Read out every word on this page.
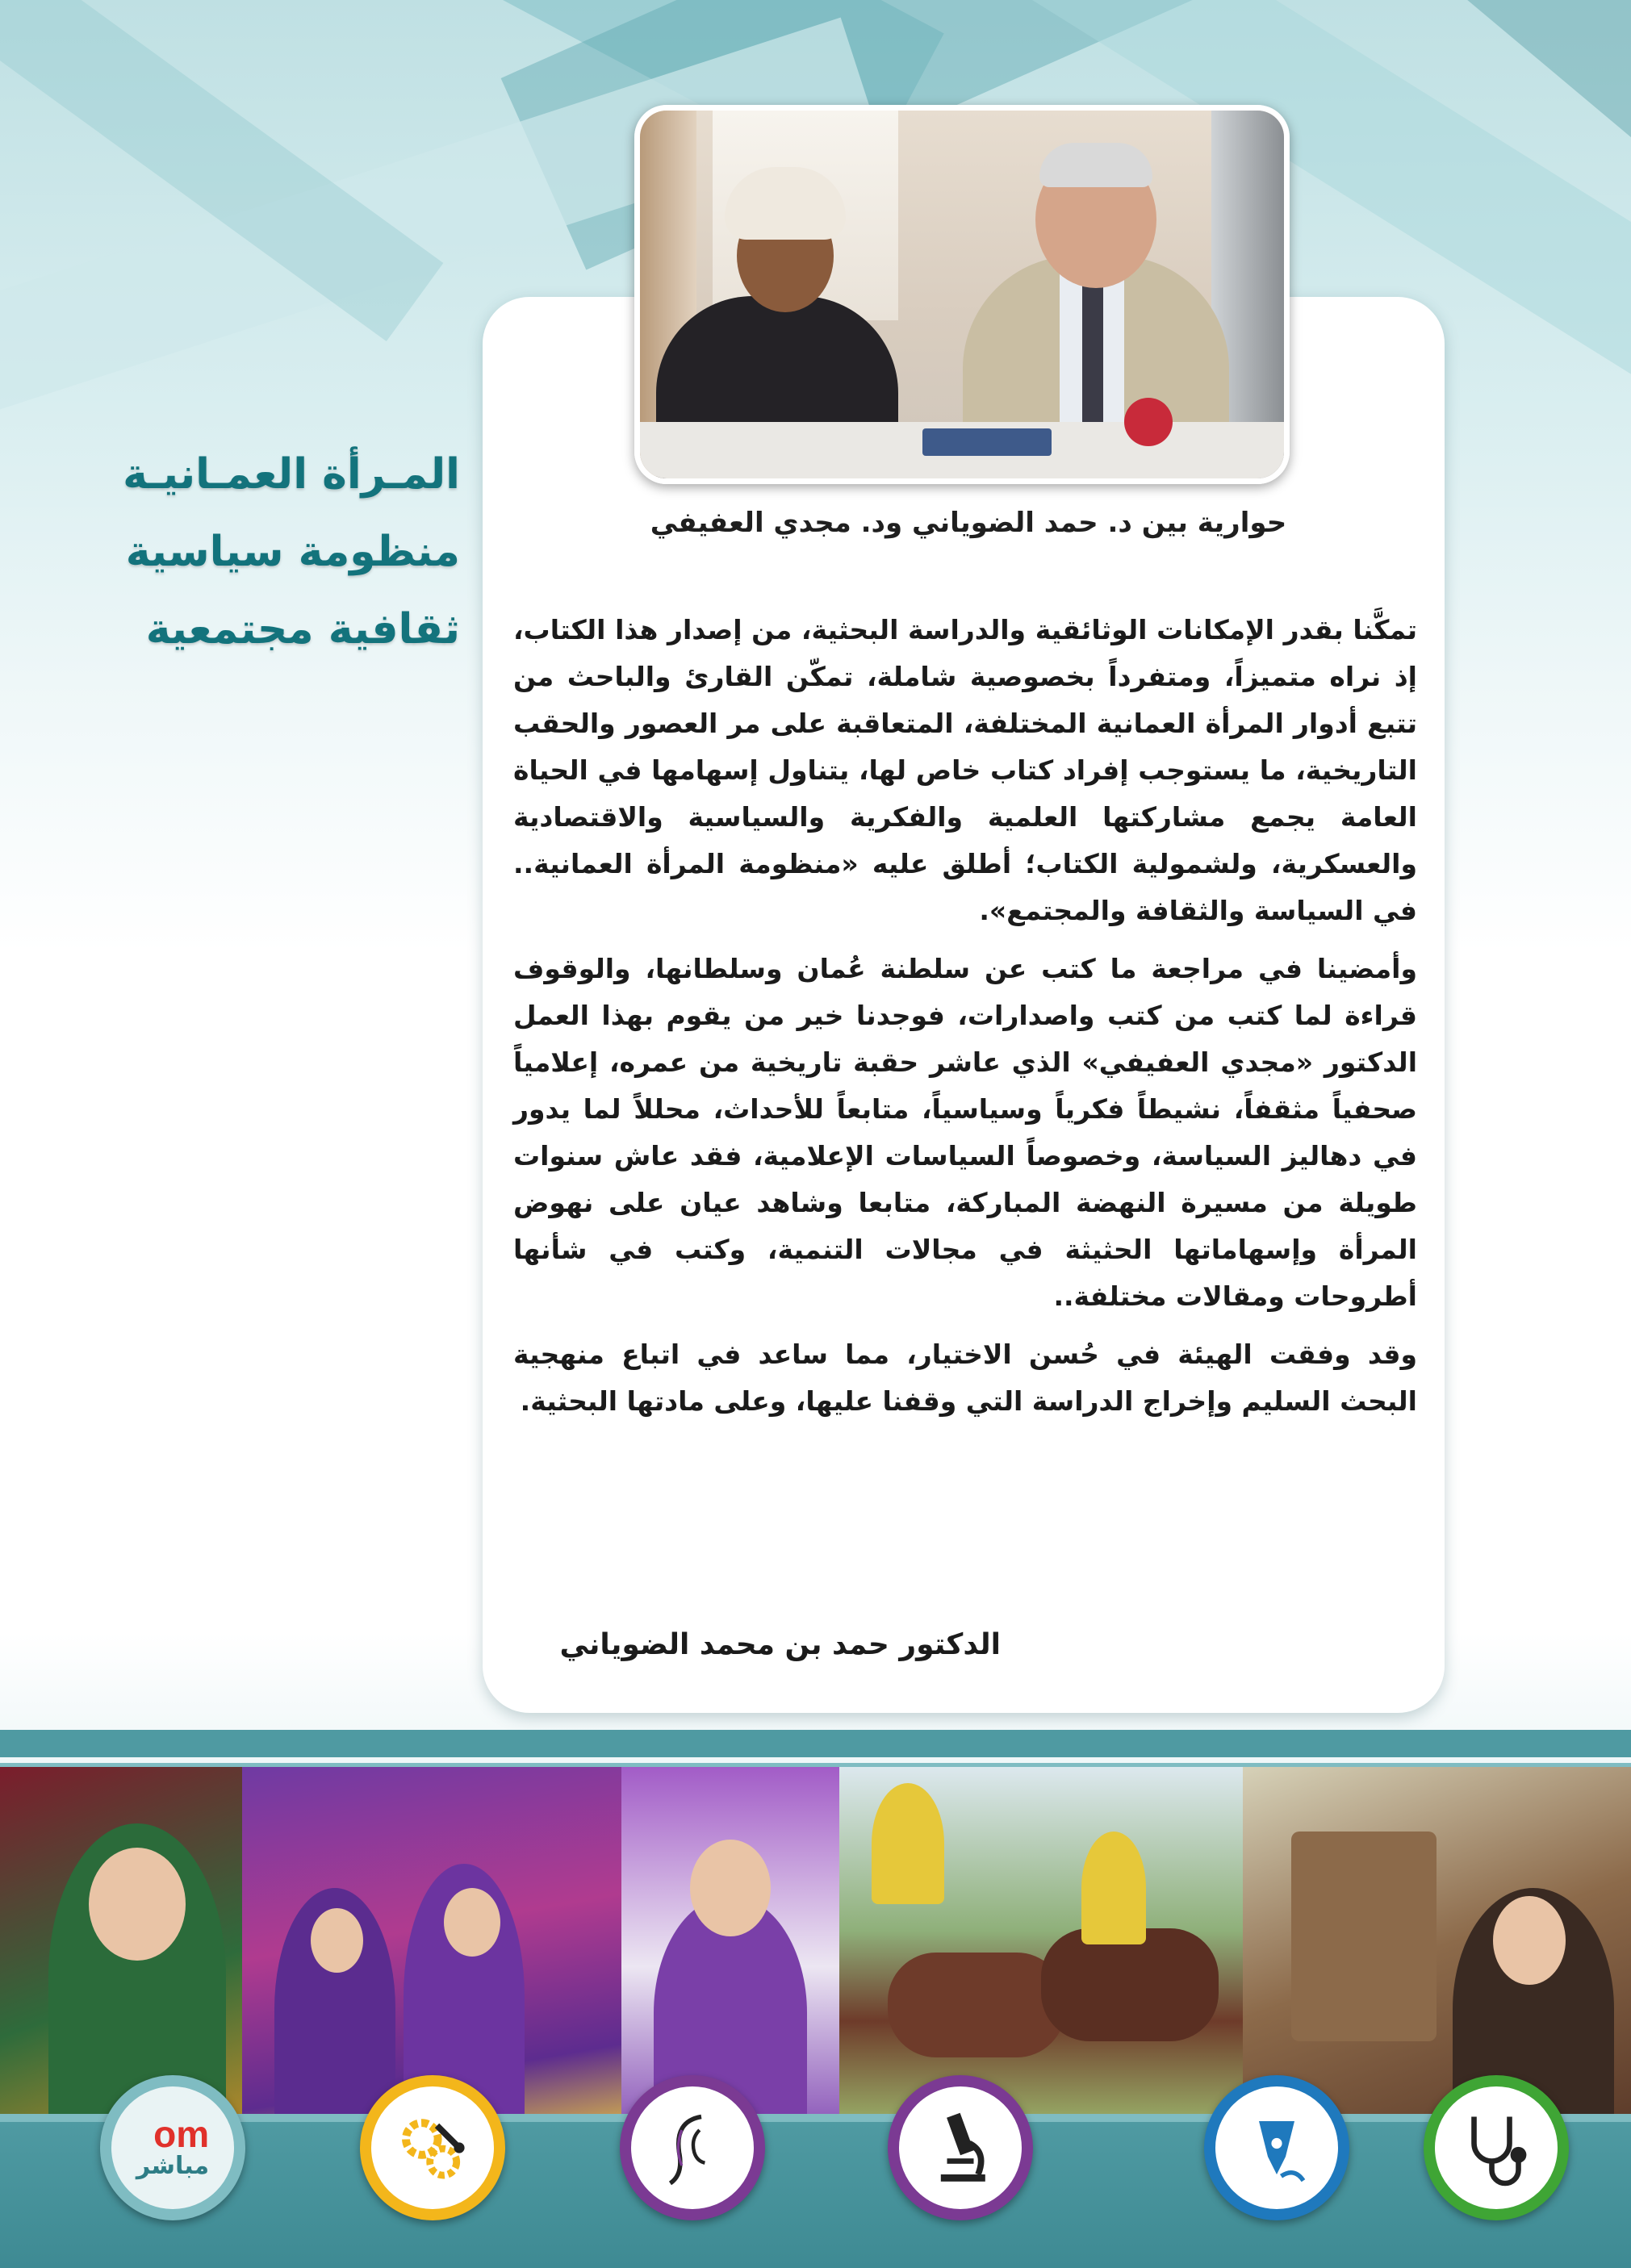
المـرأة العمـانيـة
منظومة سياسية
ثقافية مجتمعية
حوارية بين د. حمد الضوياني ود. مجدي العفيفي

تمكَّنا بقدر الإمكانات الوثائقية والدراسة البحثية، من إصدار هذا الكتاب، إذ نراه متميزاً، ومتفرداً بخصوصية شاملة، تمكّن القارئ والباحث من تتبع أدوار المرأة العمانية المختلفة، المتعاقبة على مر العصور والحقب التاريخية، ما يستوجب إفراد كتاب خاص لها، يتناول إسهامها في الحياة العامة يجمع مشاركتها العلمية والفكرية والسياسية والاقتصادية والعسكرية، ولشمولية الكتاب؛ أطلق عليه «منظومة المرأة العمانية.. في السياسة والثقافة والمجتمع».

وأمضينا في مراجعة ما كتب عن سلطنة عُمان وسلطانها، والوقوف قراءة لما كتب من كتب واصدارات، فوجدنا خير من يقوم بهذا العمل الدكتور «مجدي العفيفي» الذي عاشر حقبة تاريخية من عمره، إعلامياً صحفياً مثقفاً، نشيطاً فكرياً وسياسياً، متابعاً للأحداث، محللاً لما يدور في دهاليز السياسة، وخصوصاً السياسات الإعلامية، فقد عاش سنوات طويلة من مسيرة النهضة المباركة، متابعا وشاهد عيان على نهوض المرأة وإسهاماتها الحثيثة في مجالات التنمية، وكتب في شأنها أطروحات ومقالات مختلفة..

وقد وفقت الهيئة في حُسن الاختيار، مما ساعد في اتباع منهجية البحث السليم وإخراج الدراسة التي وقفنا عليها، وعلى مادتها البحثية.

الدكتور حمد بن محمد الضوياني
om
مباشر
